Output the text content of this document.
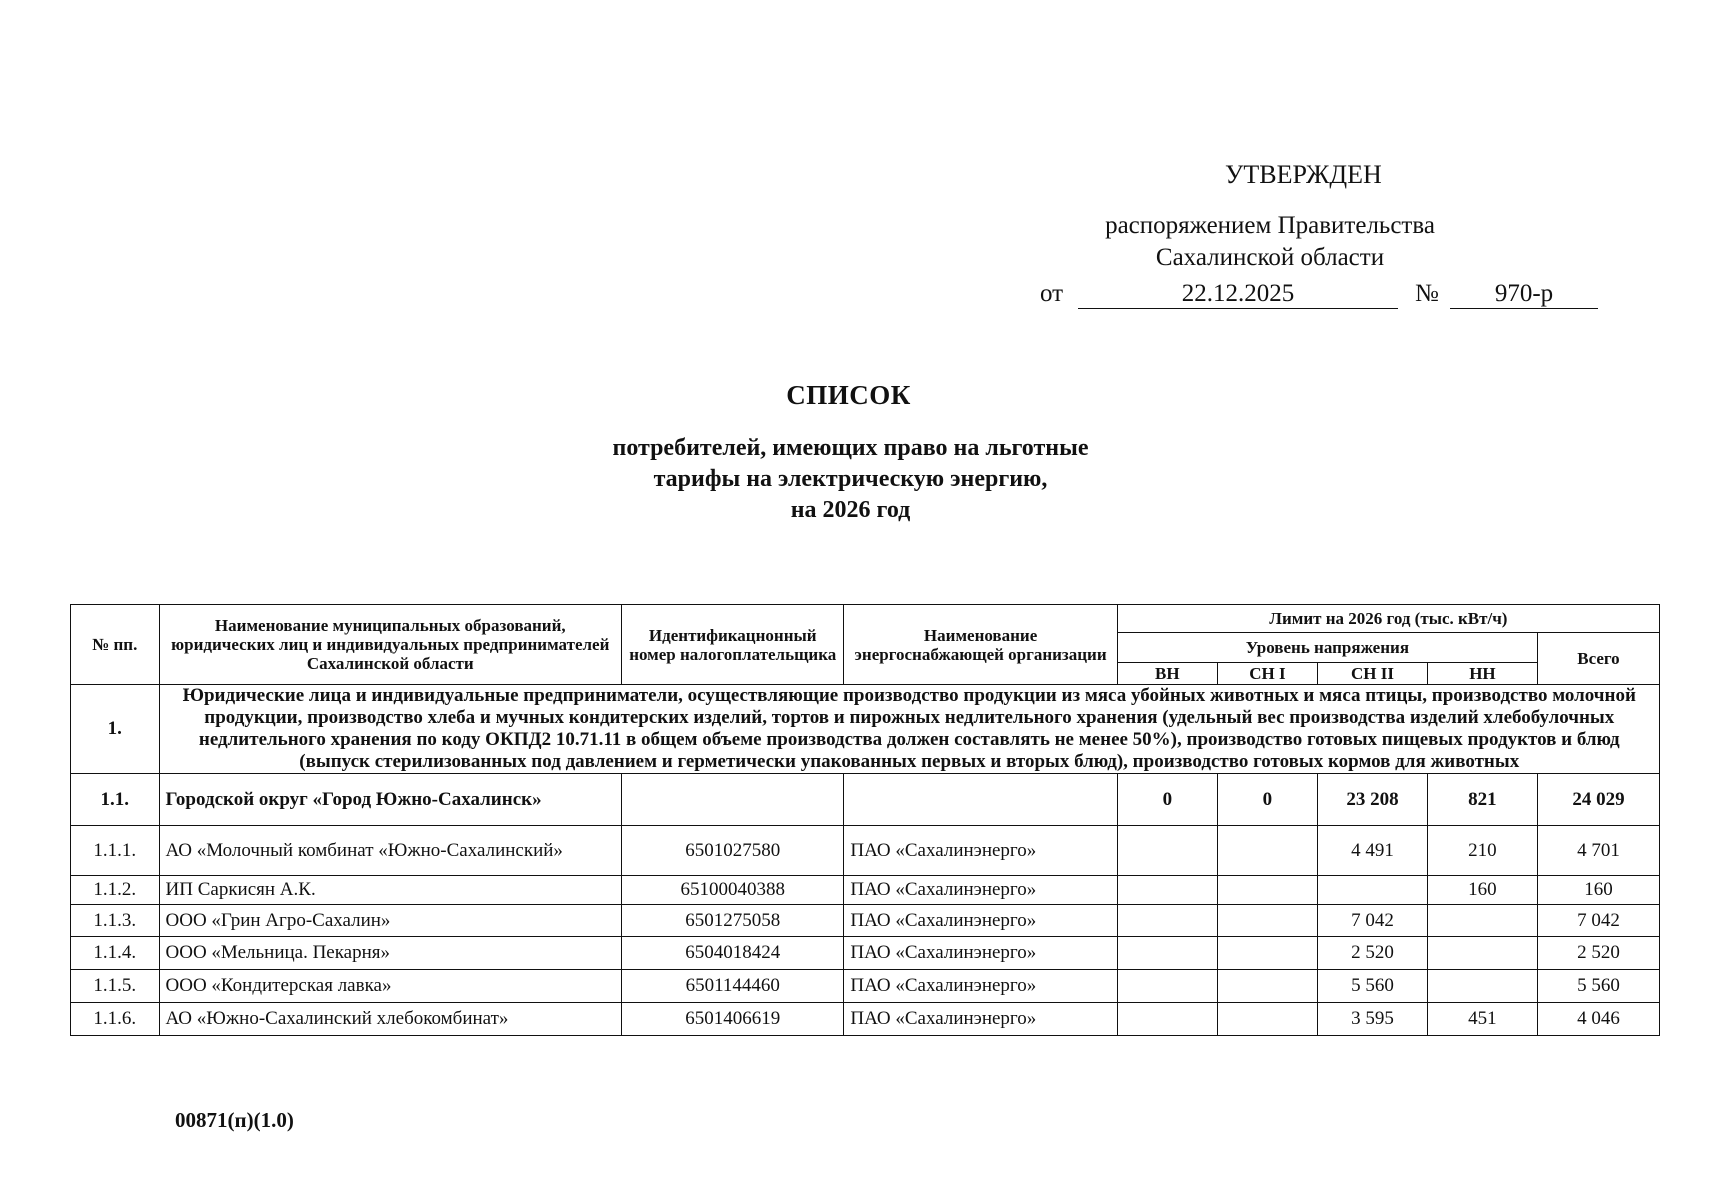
УТВЕРЖДЕН
распоряжением Правительства
Сахалинской области
от	22.12.2025	№	970-р
СПИСОК
потребителей, имеющих право на льготные
тарифы на электрическую энергию,
на 2026 год
№ пп.	Наименование муниципальных образований, юридических лиц и индивидуальных предпринимателей Сахалинской области	Идентификацнонный номер налогоплательщика	Наименование энергоснабжающей организации	Лимит на 2026 год (тыс. кВт/ч)				
				Уровень напряжения				Всего
				ВН	СН I	СН II	НН	
1.	Юридические лица и индивидуальные предприниматели, осуществляющие производство продукции из мяса убойных животных и мяса птицы, производство молочной продукции, производство хлеба и мучных кондитерских изделий, тортов и пирожных недлительного хранения (удельный вес производства изделий хлебобулочных недлительного хранения по коду ОКПД2 10.71.11 в общем объеме производства должен составлять не менее 50%), производство готовых пищевых продуктов и блюд (выпуск стерилизованных под давлением и герметически упакованных первых и вторых блюд), производство готовых кормов для животных							
1.1.	Городской округ «Город Южно-Сахалинск»			0	0	23 208	821	24 029
1.1.1.	АО «Молочный комбинат «Южно-Сахалинский»	6501027580	ПАО «Сахалинэнерго»			4 491	210	4 701
1.1.2.	ИП Саркисян А.К.	65100040388	ПАО «Сахалинэнерго»				160	160
1.1.3.	ООО «Грин Агро-Сахалин»	6501275058	ПАО «Сахалинэнерго»			7 042		7 042
1.1.4.	ООО «Мельница. Пекарня»	6504018424	ПАО «Сахалинэнерго»			2 520		2 520
1.1.5.	ООО «Кондитерская лавка»	6501144460	ПАО «Сахалинэнерго»			5 560		5 560
1.1.6.	АО «Южно-Сахалинский хлебокомбинат»	6501406619	ПАО «Сахалинэнерго»			3 595	451	4 046
00871(п)(1.0)
